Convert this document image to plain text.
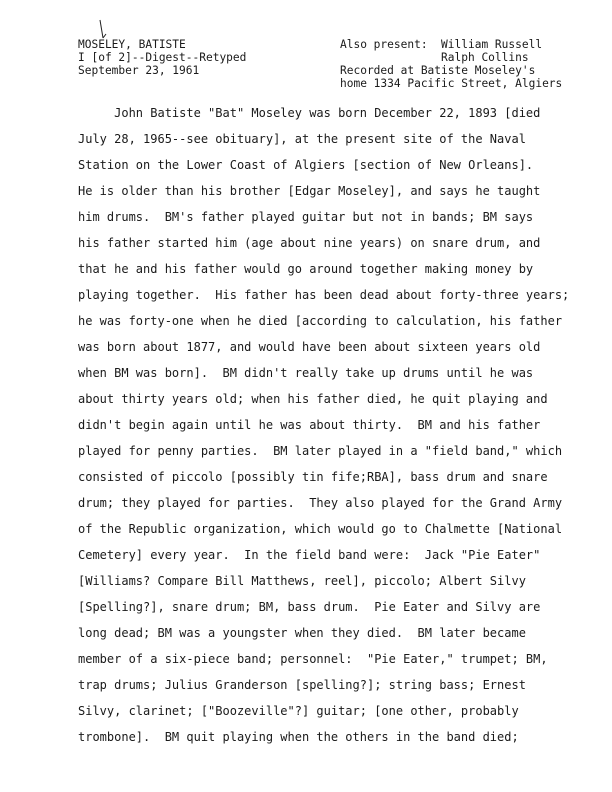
MOSELEY, BATISTE
I [of 2]--Digest--Retyped
September 23, 1961
Also present:  William Russell
Ralph Collins
Recorded at Batiste Moseley's
home 1334 Pacific Street, Algiers
John Batiste "Bat" Moseley was born December 22, 1893 [died
July 28, 1965--see obituary], at the present site of the Naval
Station on the Lower Coast of Algiers [section of New Orleans].
He is older than his brother [Edgar Moseley], and says he taught
him drums.  BM's father played guitar but not in bands; BM says
his father started him (age about nine years) on snare drum, and
that he and his father would go around together making money by
playing together.  His father has been dead about forty-three years;
he was forty-one when he died [according to calculation, his father
was born about 1877, and would have been about sixteen years old
when BM was born].  BM didn't really take up drums until he was
about thirty years old; when his father died, he quit playing and
didn't begin again until he was about thirty.  BM and his father
played for penny parties.  BM later played in a "field band," which
consisted of piccolo [possibly tin fife;RBA], bass drum and snare
drum; they played for parties.  They also played for the Grand Army
of the Republic organization, which would go to Chalmette [National
Cemetery] every year.  In the field band were:  Jack "Pie Eater"
[Williams? Compare Bill Matthews, reel], piccolo; Albert Silvy
[Spelling?], snare drum; BM, bass drum.  Pie Eater and Silvy are
long dead; BM was a youngster when they died.  BM later became
member of a six-piece band; personnel:  "Pie Eater," trumpet; BM,
trap drums; Julius Granderson [spelling?]; string bass; Ernest
Silvy, clarinet; ["Boozeville"?] guitar; [one other, probably
trombone].  BM quit playing when the others in the band died;
